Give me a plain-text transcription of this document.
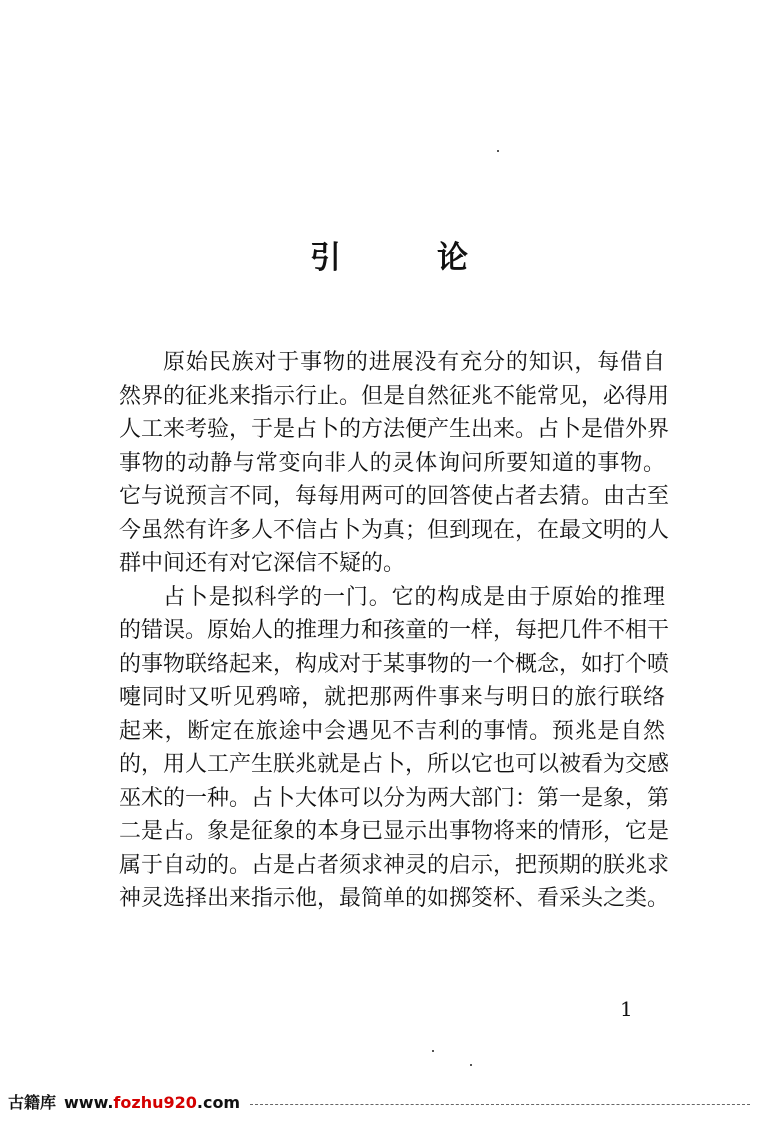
引	论
原始民族对于事物的进展没有充分的知识，每借自
然界的征兆来指示行止。但是自然征兆不能常见，必得用
人工来考验，于是占卜的方法便产生出来。占卜是借外界
事物的动静与常变向非人的灵体询问所要知道的事物。
它与说预言不同，每每用两可的回答使占者去猜。由古至
今虽然有许多人不信占卜为真；但到现在，在最文明的人
群中间还有对它深信不疑的。
占卜是拟科学的一门。它的构成是由于原始的推理
的错误。原始人的推理力和孩童的一样，每把几件不相干
的事物联络起来，构成对于某事物的一个概念，如打个喷
嚏同时又听见鸦啼，就把那两件事来与明日的旅行联络
起来，断定在旅途中会遇见不吉利的事情。预兆是自然
的，用人工产生朕兆就是占卜，所以它也可以被看为交感
巫术的一种。占卜大体可以分为两大部门：第一是象，第
二是占。象是征象的本身已显示出事物将来的情形，它是
属于自动的。占是占者须求神灵的启示，把预期的朕兆求
神灵选择出来指示他，最简单的如掷筊杯、看采头之类。
1
古籍库 www.fozhu920.com
